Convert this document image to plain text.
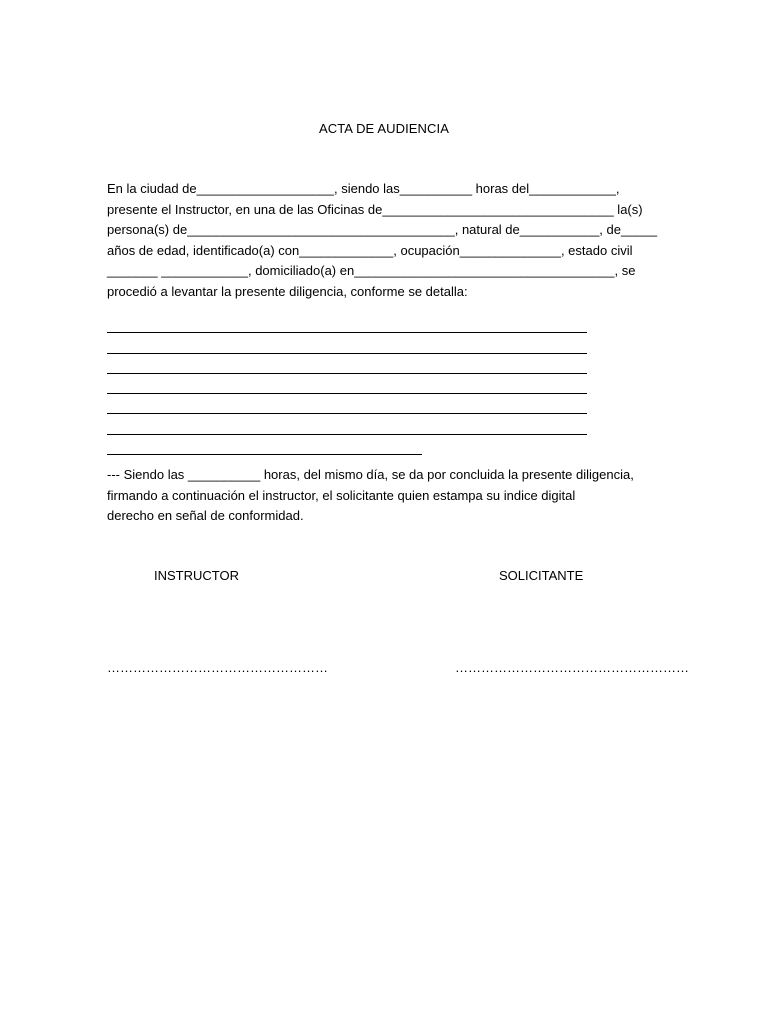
ACTA DE AUDIENCIA
En la ciudad de___________________, siendo las__________ horas del____________,
presente el Instructor, en una de las Oficinas de________________________________ la(s)
persona(s) de_____________________________________, natural de___________, de_____
años de edad, identificado(a) con_____________, ocupación______________, estado civil
_______ ____________, domiciliado(a) en____________________________________, se
procedió a levantar la presente diligencia, conforme se detalla:
--- Siendo las __________ horas, del mismo día, se da por concluida la presente diligencia,
firmando a continuación el instructor, el solicitante quien estampa su indice digital
derecho en señal de conformidad.
INSTRUCTOR	SOLICITANTE
……………………………………………	………………………………………………
